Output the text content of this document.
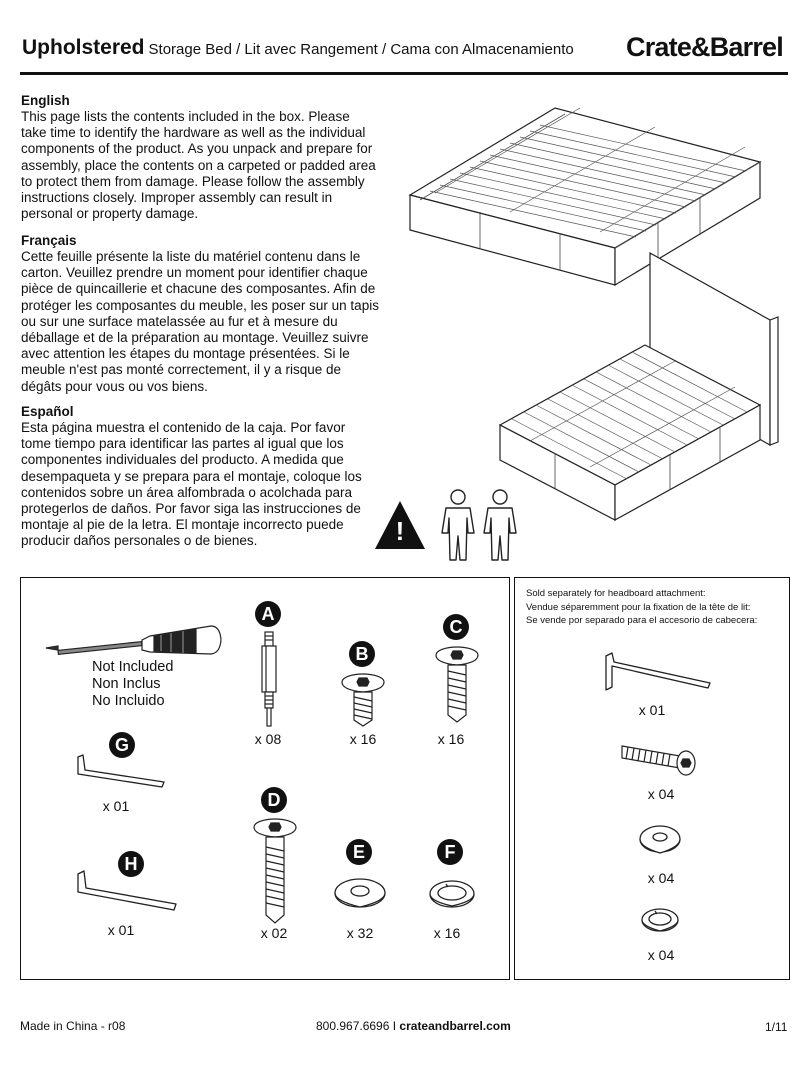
Upholstered Storage Bed / Lit avec Rangement / Cama con Almacenamiento Crate&Barrel
English

This page lists the contents included in the box. Please take time to identify the hardware as well as the individual components of the product. As you unpack and prepare for assembly, place the contents on a carpeted or padded area to protect them from damage. Please follow the assembly instructions closely. Improper assembly can result in personal or property damage.

Français

Cette feuille présente la liste du matériel contenu dans le carton. Veuillez prendre un moment pour identifier chaque pièce de quincaillerie et chacune des composantes. Afin de protéger les composantes du meuble, les poser sur un tapis ou sur une surface matelassée au fur et à mesure du déballage et de la préparation au montage. Veuillez suivre avec attention les étapes du montage présentées. Si le meuble n'est pas monté correctement, il y a risque de dégâts pour vous ou vos biens.

Español

Esta página muestra el contenido de la caja. Por favor tome tiempo para identificar las partes al igual que los componentes individuales del producto. A medida que desempaqueta y se prepara para el montaje, coloque los contenidos sobre un área alfombrada o acolchada para protegerlos de daños. Por favor siga las instrucciones de montaje al pie de la letra. El montaje incorrecto puede producir daños personales o de bienes.	!
Not Included
Non Inclus
No Incluido
A
x 08
B
x 16
C
x 16
G
x 01	D
x 02
E
x 32
F
x 16
H
x 01

Sold separately for headboard attachment:

Vendue séparemment pour la fixation de la tête de lit:

Se vende por separado para el accesorio de cabecera:

x 01
x 04
x 04
x 04
Made in China - r08	800.967.6696 I crateandbarrel.com	1/11
